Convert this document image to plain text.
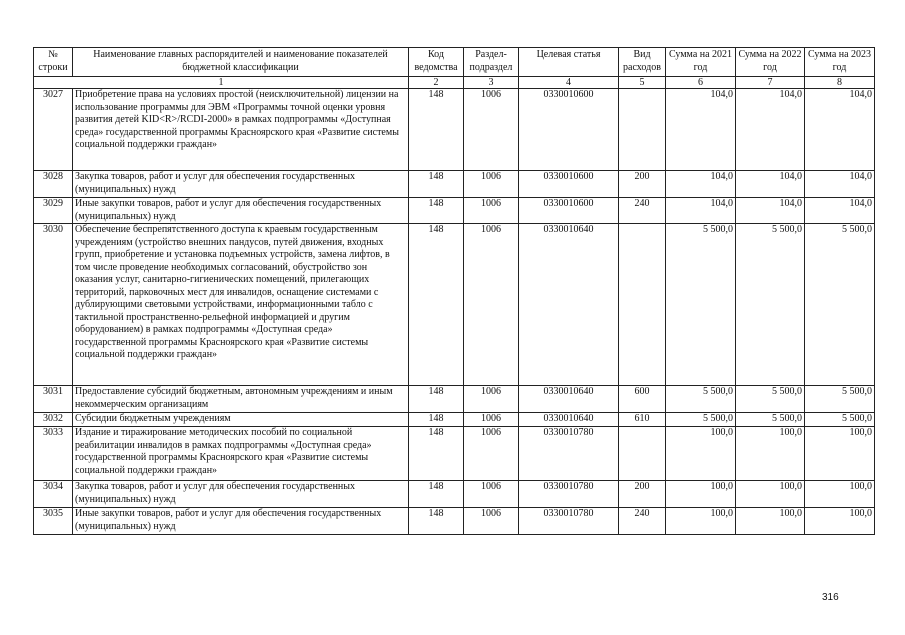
№ строки	Наименование главных распорядителей и наименование показателей бюджетной классификации	Код ведомства	Раздел-подраздел	Целевая статья	Вид расходов	Сумма на 2021 год	Сумма на 2022 год	Сумма на 2023 год
1		2	3	4	5	6	7	8
3027	Приобретение права на условиях простой (неисключительной) лицензии на использование программы для ЭВМ «Программы точной оценки уровня развития детей KID<R>/RCDI-2000» в рамках подпрограммы «Доступная среда» государственной программы Красноярского края «Развитие системы социальной поддержки граждан»	148	1006	0330010600		104,0	104,0	104,0
3028	Закупка товаров, работ и услуг для обеспечения государственных (муниципальных) нужд	148	1006	0330010600	200	104,0	104,0	104,0
3029	Иные закупки товаров, работ и услуг для обеспечения государственных (муниципальных) нужд	148	1006	0330010600	240	104,0	104,0	104,0
3030	Обеспечение беспрепятственного доступа к краевым государственным учреждениям (устройство внешних пандусов, путей движения, входных групп, приобретение и установка подъемных устройств, замена лифтов, в том числе проведение необходимых согласований, обустройство зон оказания услуг, санитарно-гигиенических помещений, прилегающих территорий, парковочных мест для инвалидов, оснащение системами с дублирующими световыми устройствами, информационными табло с тактильной пространственно-рельефной информацией и другим оборудованием) в рамках подпрограммы «Доступная среда» государственной программы Красноярского края «Развитие системы социальной поддержки граждан»	148	1006	0330010640		5 500,0	5 500,0	5 500,0
3031	Предоставление субсидий бюджетным, автономным учреждениям и иным некоммерческим организациям	148	1006	0330010640	600	5 500,0	5 500,0	5 500,0
3032	Субсидии бюджетным учреждениям	148	1006	0330010640	610	5 500,0	5 500,0	5 500,0
3033	Издание и тиражирование методических пособий по социальной реабилитации инвалидов в рамках подпрограммы «Доступная среда» государственной программы Красноярского края «Развитие системы социальной поддержки граждан»	148	1006	0330010780		100,0	100,0	100,0
3034	Закупка товаров, работ и услуг для обеспечения государственных (муниципальных) нужд	148	1006	0330010780	200	100,0	100,0	100,0
3035	Иные закупки товаров, работ и услуг для обеспечения государственных (муниципальных) нужд	148	1006	0330010780	240	100,0	100,0	100,0
316
